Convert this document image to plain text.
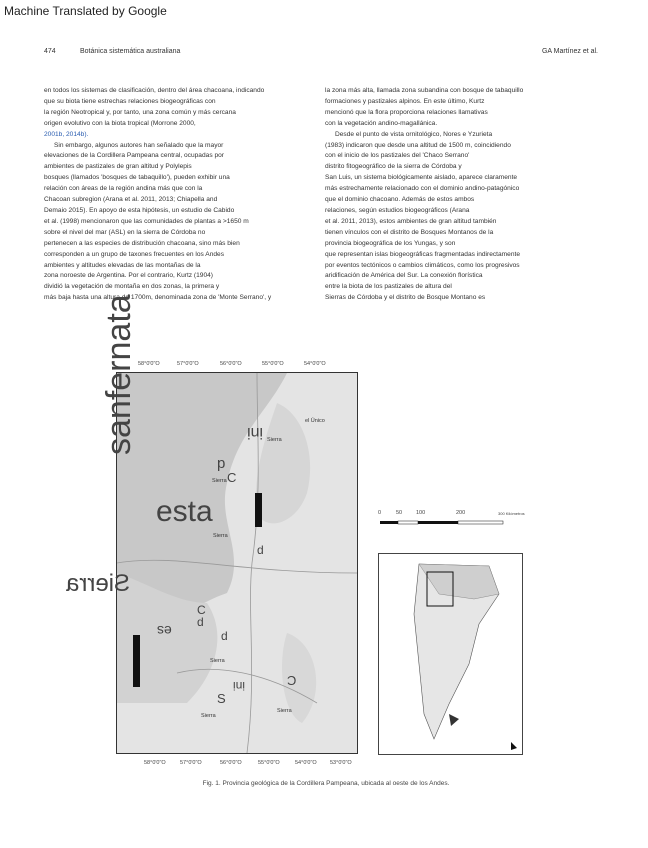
Machine Translated by Google
474	Botánica sistemática australiana	GA Martínez et al.

en todos los sistemas de clasificación, dentro del área chacoana, indicando

que su biota tiene estrechas relaciones biogeográficas con

la región Neotropical y, por tanto, una zona común y más cercana

origen evolutivo con la biota tropical (Morrone 2000,

2001b, 2014b).

Sin embargo, algunos autores han señalado que la mayor

elevaciones de la Cordillera Pampeana central, ocupadas por

ambientes de pastizales de gran altitud y Polylepis

bosques (llamados 'bosques de tabaquillo'), pueden exhibir una

relación con áreas de la región andina más que con la

Chacoan subregion (Arana et al. 2011, 2013; Chiapella and

Demaio 2015). En apoyo de esta hipótesis, un estudio de Cabido

et al. (1998) mencionaron que las comunidades de plantas a >1650 m

sobre el nivel del mar (ASL) en la sierra de Córdoba no

pertenecen a las especies de distribución chacoana, sino más bien

corresponden a un grupo de taxones frecuentes en los Andes

ambientes y altitudes elevadas de las montañas de la

zona noroeste de Argentina. Por el contrario, Kurtz (1904)

dividió la vegetación de montaña en dos zonas, la primera y

más baja hasta una altura de 1700m, denominada zona de 'Monte Serrano', y

la zona más alta, llamada zona subandina con bosque de tabaquillo

formaciones y pastizales alpinos. En este último, Kurtz

mencionó que la flora proporciona relaciones llamativas

con la vegetación andino-magallánica.

Desde el punto de vista ornitológico, Nores e Yzurieta

(1983) indicaron que desde una altitud de 1500 m, coincidiendo

con el inicio de los pastizales del 'Chaco Serrano'

distrito fitogeográfico de la sierra de Córdoba y

San Luis, un sistema biológicamente aislado, aparece claramente

más estrechamente relacionado con el dominio andino-patagónico

que el dominio chacoano. Además de estos ambos

relaciones, según estudios biogeográficos (Arana

et al. 2011, 2013), estos ambientes de gran altitud también

tienen vínculos con el distrito de Bosques Montanos de la

provincia biogeográfica de los Yungas, y son

que representan islas biogeográficas fragmentadas indirectamente

por eventos tectónicos o cambios climáticos, como los progresivos

aridificación de América del Sur. La conexión florística

entre la biota de los pastizales de altura del

Sierras de Córdoba y el distrito de Bosque Montano es

58°0'0"O	57°0'0"O	56°0'0"O	55°0'0"O	54°0'0"O
Sierra
el Único
Sierra
Sierra
Sierra
Sierra
Sierra
ini
p
C
d
d
C
es	d
ini
S
C
sanfernata
esta
Sierra
58°0'0"O	57°0'0"O	56°0'0"O	55°0'0"O	54°0'0"O 53°0'0"O
0	50	100	200	300 Kilómetros
Fig. 1. Provincia geológica de la Cordillera Pampeana, ubicada al oeste de los Andes.
